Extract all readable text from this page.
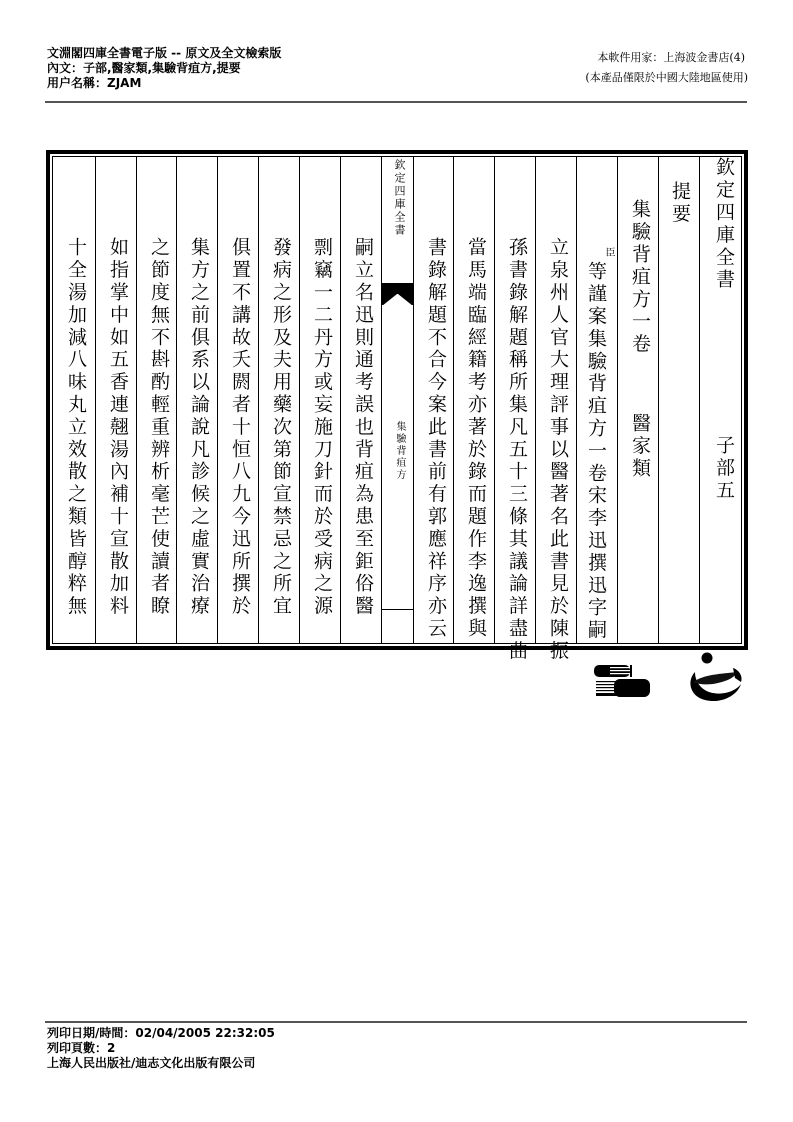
文淵閣四庫全書電子版 -- 原文及全文檢索版
內文：子部,醫家類,集驗背疽方,提要
用户名稱：ZJAM
本軟件用家：上海波金書店(4)
(本產品僅限於中國大陸地區使用)
欽定四庫全書
子部五
提要
集驗背疽方一卷
醫家類
臣
等謹案集驗背疽方一卷宋李迅撰迅字嗣
立泉州人官大理評事以醫著名此書見於陳振
孫書錄解題稱所集凡五十三條其議論詳盡曲
當馬端臨經籍考亦著於錄而題作李逸撰與
書錄解題不合今案此書前有郭應祥序亦云
欽定四庫全書
集驗背疽方
嗣立名迅則通考誤也背疽為患至鉅俗醫
剽竊一二丹方或妄施刀針而於受病之源
發病之形及夫用藥次第節宣禁忌之所宜
俱置不講故夭閼者十恒八九今迅所撰於
集方之前俱系以論說凡診候之虛實治療
之節度無不斟酌輕重辨析毫芒使讀者瞭
如指掌中如五香連翹湯內補十宣散加料
十全湯加減八味丸立效散之類皆醇粹無
列印日期/時間：02/04/2005 22:32:05
列印頁數：2
上海人民出版社/迪志文化出版有限公司
